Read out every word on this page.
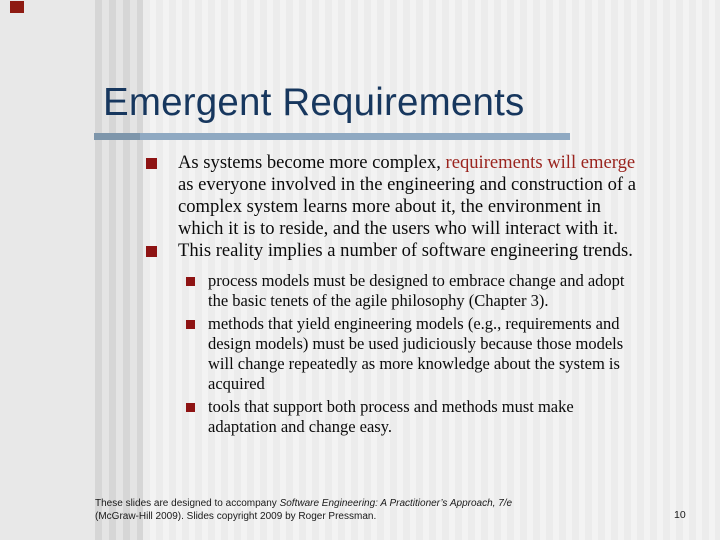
Emergent Requirements
As systems become more complex, requirements will emerge
as everyone involved in the engineering and construction of a
complex system learns more about it, the environment in
which it is to reside, and the users who will interact with it.
This reality implies a number of software engineering trends.
process models must be designed to embrace change and adopt
the basic tenets of the agile philosophy (Chapter 3).
methods that yield engineering models (e.g., requirements and
design models) must be used judiciously because those models
will change repeatedly as more knowledge about the system is
acquired
tools that support both process and methods must make
adaptation and change easy.
These slides are designed to accompany Software Engineering: A Practitioner’s Approach, 7/e
(McGraw-Hill 2009). Slides copyright 2009 by Roger Pressman.	10
